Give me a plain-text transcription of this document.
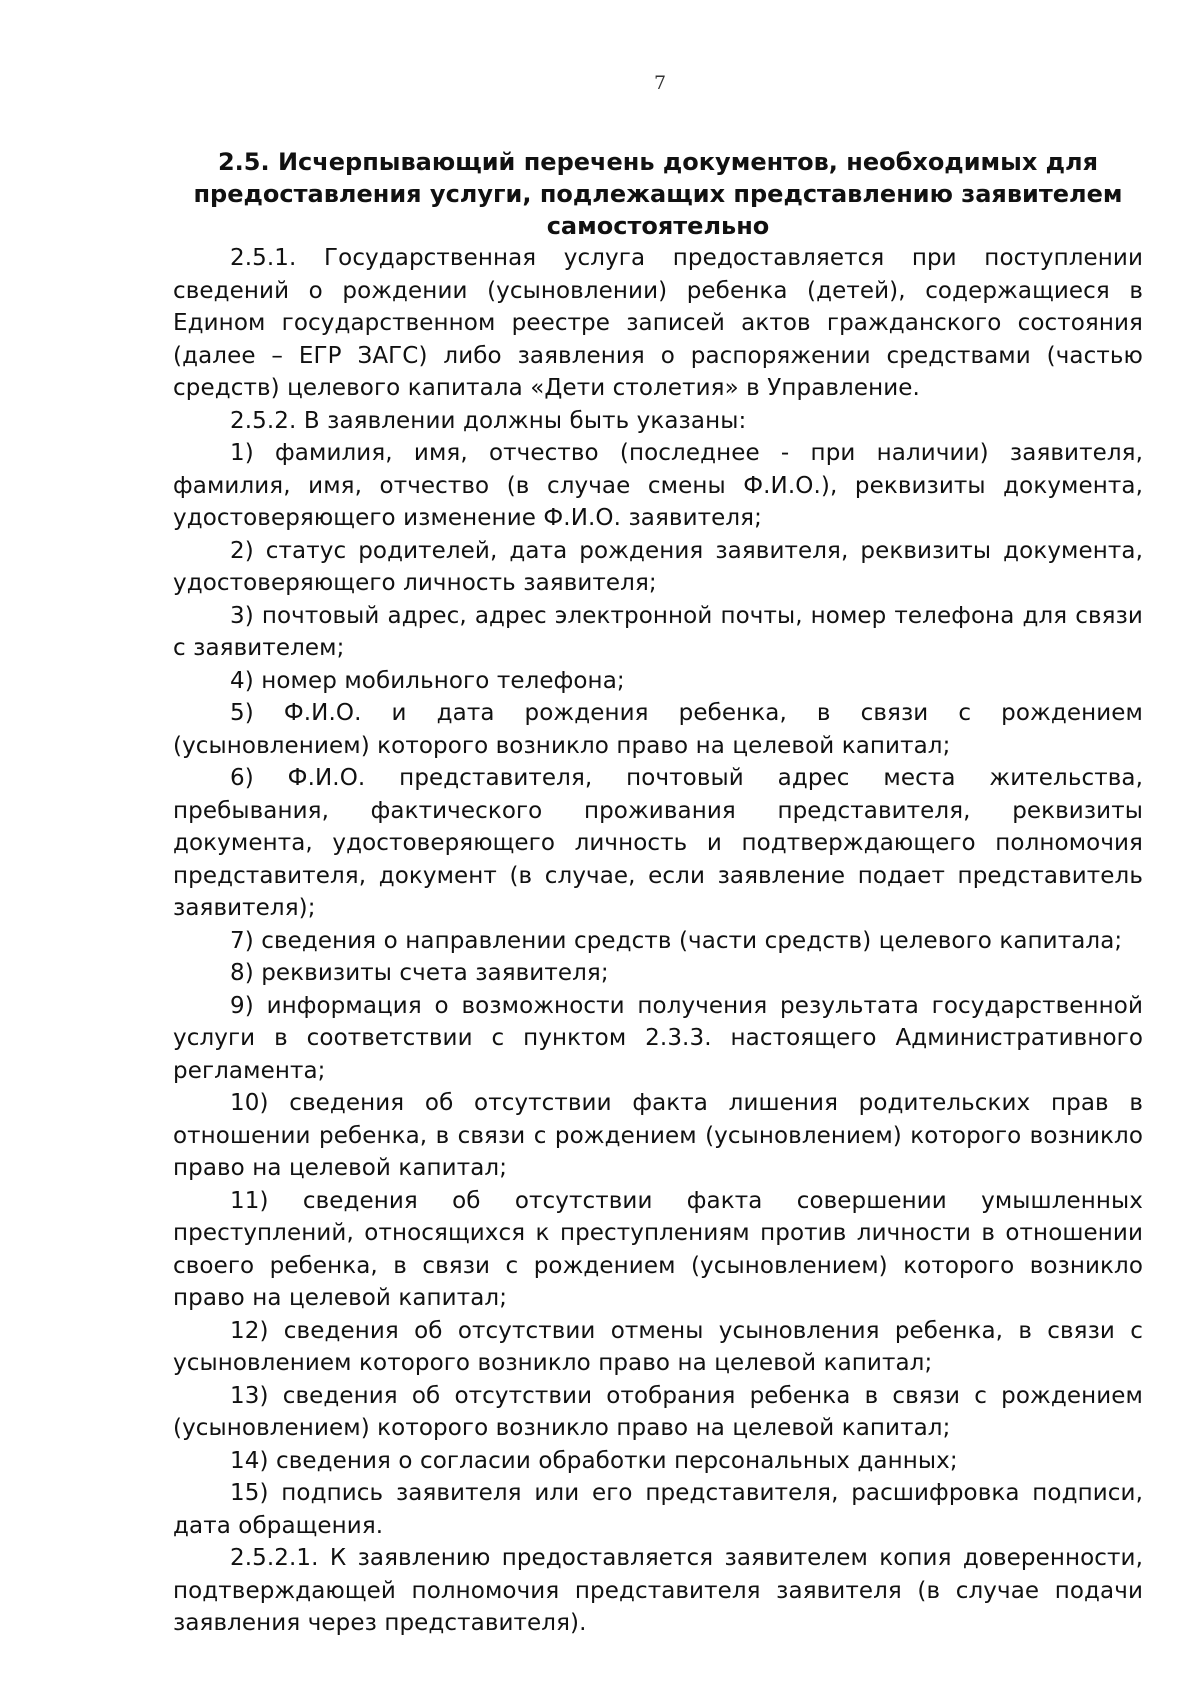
7
2.5. Исчерпывающий перечень документов, необходимых для
предоставления услуги, подлежащих представлению заявителем
самостоятельно

2.5.1. Государственная услуга предоставляется при поступлении сведений о рождении (усыновлении) ребенка (детей), содержащиеся в Едином государственном реестре записей актов гражданского состояния (далее – ЕГР ЗАГС) либо заявления о распоряжении средствами (частью средств) целевого капитала «Дети столетия» в Управление.

2.5.2. В заявлении должны быть указаны:

1) фамилия, имя, отчество (последнее - при наличии) заявителя, фамилия, имя, отчество (в случае смены Ф.И.О.), реквизиты документа, удостоверяющего изменение Ф.И.О. заявителя;

2) статус родителей, дата рождения заявителя, реквизиты документа, удостоверяющего личность заявителя;

3) почтовый адрес, адрес электронной почты, номер телефона для связи с заявителем;

4) номер мобильного телефона;

5) Ф.И.О. и дата рождения ребенка, в связи с рождением (усыновлением) которого возникло право на целевой капитал;

6) Ф.И.О. представителя, почтовый адрес места жительства, пребывания, фактического проживания представителя, реквизиты документа, удостоверяющего личность и подтверждающего полномочия представителя, документ (в случае, если заявление подает представитель заявителя);

7) сведения о направлении средств (части средств) целевого капитала;

8) реквизиты счета заявителя;

9) информация о возможности получения результата государственной услуги в соответствии с пунктом 2.3.3. настоящего Административного регламента;

10) сведения об отсутствии факта лишения родительских прав в отношении ребенка, в связи с рождением (усыновлением) которого возникло право на целевой капитал;

11) сведения об отсутствии факта совершении умышленных преступлений, относящихся к преступлениям против личности в отношении своего ребенка, в связи с рождением (усыновлением) которого возникло право на целевой капитал;

12) сведения об отсутствии отмены усыновления ребенка, в связи с усыновлением которого возникло право на целевой капитал;

13) сведения об отсутствии отобрания ребенка в связи с рождением (усыновлением) которого возникло право на целевой капитал;

14) сведения о согласии обработки персональных данных;

15) подпись заявителя или его представителя, расшифровка подписи, дата обращения.

2.5.2.1. К заявлению предоставляется заявителем копия доверенности, подтверждающей полномочия представителя заявителя (в случае подачи заявления через представителя).
